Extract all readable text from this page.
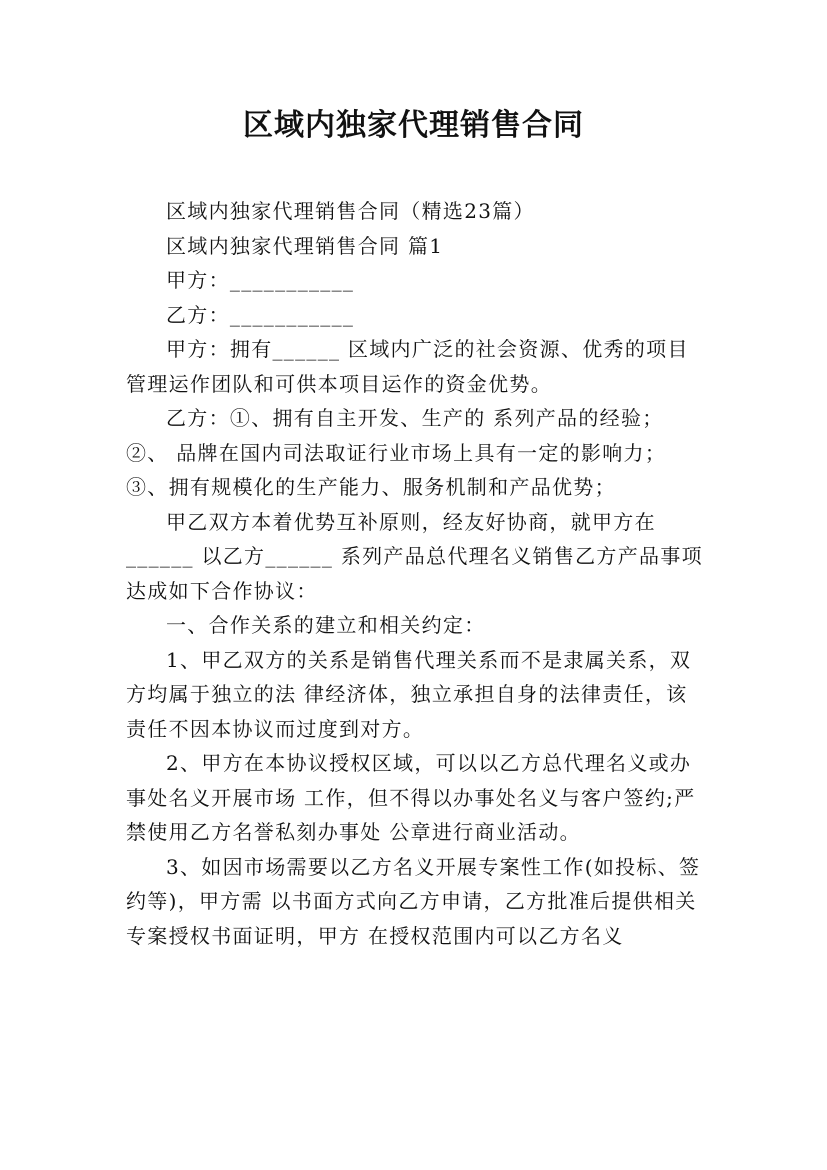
区域内独家代理销售合同

区域内独家代理销售合同（精选23篇）

区域内独家代理销售合同 篇1

甲方：___________

乙方：___________

甲方：拥有______ 区域内广泛的社会资源、优秀的项目管理运作团队和可供本项目运作的资金优势。

乙方：①、拥有自主开发、生产的 系列产品的经验；②、 品牌在国内司法取证行业市场上具有一定的影响力；③、拥有规模化的生产能力、服务机制和产品优势；

甲乙双方本着优势互补原则，经友好协商，就甲方在______ 以乙方______ 系列产品总代理名义销售乙方产品事项达成如下合作协议：

一、合作关系的建立和相关约定：

1、甲乙双方的关系是销售代理关系而不是隶属关系，双方均属于独立的法 律经济体，独立承担自身的法律责任，该责任不因本协议而过度到对方。

2、甲方在本协议授权区域，可以以乙方总代理名义或办事处名义开展市场 工作，但不得以办事处名义与客户签约;严禁使用乙方名誉私刻办事处 公章进行商业活动。

3、如因市场需要以乙方名义开展专案性工作(如投标、签约等)，甲方需 以书面方式向乙方申请，乙方批准后提供相关专案授权书面证明，甲方 在授权范围内可以乙方名义
